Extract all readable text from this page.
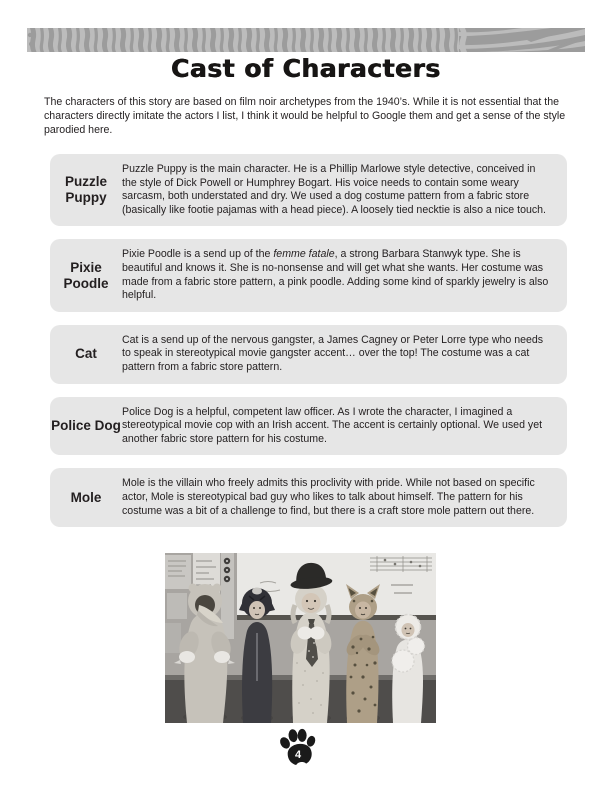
Cast of Characters
The characters of this story are based on film noir archetypes from the 1940’s. While it is not essential that the characters directly imitate the actors I list, I think it would be helpful to Google them and get a sense of the style parodied here.
Puzzle Puppy
Puzzle Puppy is the main character. He is a Phillip Marlowe style detective, conceived in the style of Dick Powell or Humphrey Bogart. His voice needs to contain some weary sarcasm, both understated and dry. We used a dog costume pattern from a fabric store (basically like footie pajamas with a head piece). A loosely tied necktie is also a nice touch.
Pixie Poodle
Pixie Poodle is a send up of the femme fatale, a strong Barbara Stanwyk type. She is beautiful and knows it. She is no-nonsense and will get what she wants. Her costume was made from a fabric store pattern, a pink poodle. Adding some kind of sparkly jewelry is also helpful.
Cat
Cat is a send up of the nervous gangster, a James Cagney or Peter Lorre type who needs to speak in stereotypical movie gangster accent… over the top! The costume was a cat pattern from a fabric store pattern.
Police Dog
Police Dog is a helpful, competent law officer. As I wrote the character, I imagined a stereotypical movie cop with an Irish accent. The accent is certainly optional. We used yet another fabric store pattern for his costume.
Mole
Mole is the villain who freely admits this proclivity with pride. While not based on specific actor, Mole is stereotypical bad guy who likes to talk about himself. The pattern for his costume was a bit of a challenge to find, but there is a craft store mole pattern out there.
4
